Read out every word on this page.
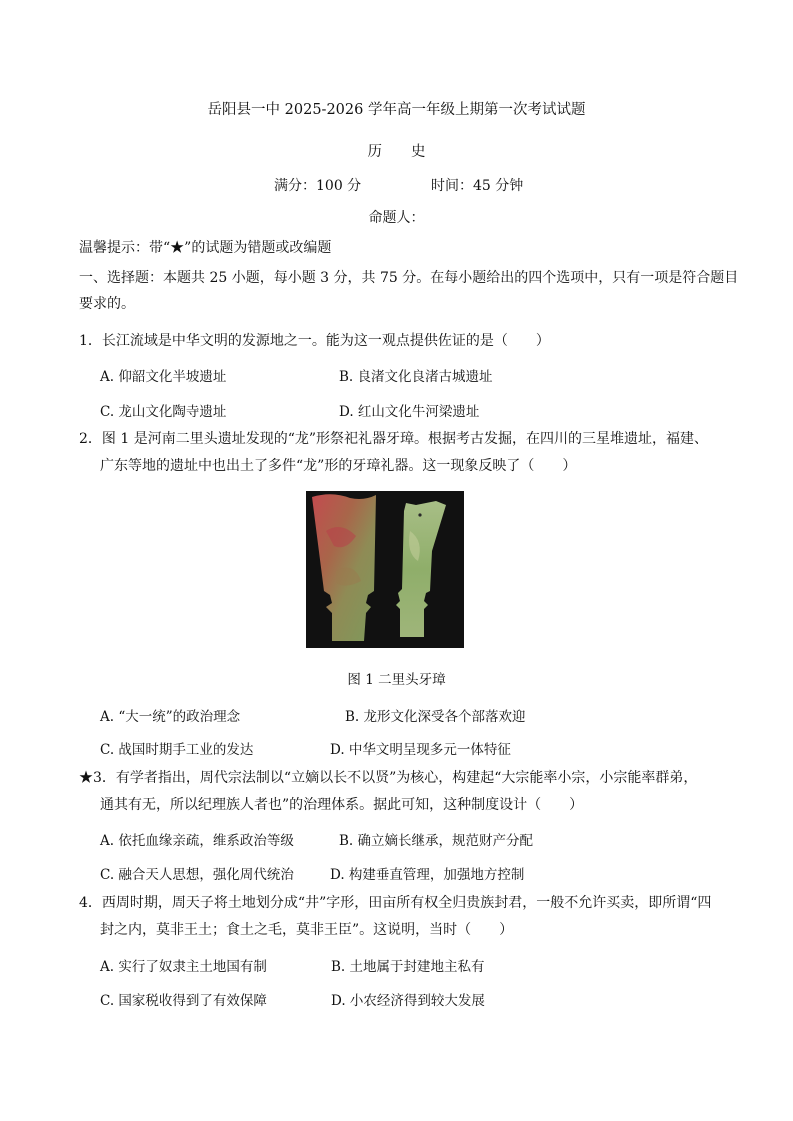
岳阳县一中 2025-2026 学年高一年级上期第一次考试试题
历　　史
满分：100 分	时间：45 分钟
命题人：
温馨提示：带“★”的试题为错题或改编题
一、选择题：本题共 25 小题，每小题 3 分，共 75 分。在每小题给出的四个选项中，只有一项是符合题目
要求的。
1．长江流域是中华文明的发源地之一。能为这一观点提供佐证的是（　　）
A. 仰韶文化半坡遗址	B. 良渚文化良渚古城遗址
C. 龙山文化陶寺遗址	D. 红山文化牛河梁遗址
2．图 1 是河南二里头遗址发现的“龙”形祭祀礼器牙璋。根据考古发掘，在四川的三星堆遗址，福建、
广东等地的遗址中也出土了多件“龙”形的牙璋礼器。这一现象反映了（　　）
图 1 二里头牙璋
A. “大一统”的政治理念	B. 龙形文化深受各个部落欢迎
C. 战国时期手工业的发达	D. 中华文明呈现多元一体特征
★3．有学者指出，周代宗法制以“立嫡以长不以贤”为核心，构建起“大宗能率小宗，小宗能率群弟，
通其有无，所以纪理族人者也”的治理体系。据此可知，这种制度设计（　　）
A. 依托血缘亲疏，维系政治等级	B. 确立嫡长继承，规范财产分配
C. 融合天人思想，强化周代统治	D. 构建垂直管理，加强地方控制
4．西周时期，周天子将土地划分成“井”字形，田亩所有权全归贵族封君，一般不允许买卖，即所谓“四
封之内，莫非王土；食土之毛，莫非王臣”。这说明，当时（　　）
A. 实行了奴隶主土地国有制	B. 土地属于封建地主私有
C. 国家税收得到了有效保障	D. 小农经济得到较大发展
